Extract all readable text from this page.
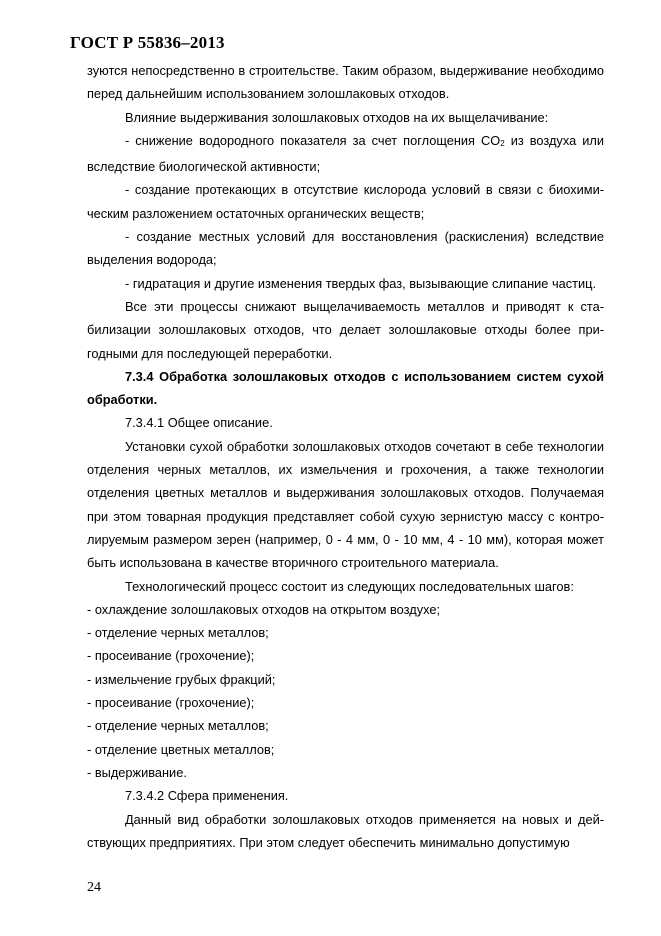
ГОСТ Р 55836–2013

зуются непосредственно в строительстве. Таким образом, выдерживание необходимо перед дальнейшим использованием золошлаковых отходов.

Влияние выдерживания золошлаковых отходов на их выщелачивание:

- снижение водородного показателя за счет поглощения $CO_2$ из воздуха или вследствие биологической активности;

- создание протекающих в отсутствие кислорода условий в связи с биохимическим разложением остаточных органических веществ;

- создание местных условий для восстановления (раскисления) вследствие выделения водорода;

- гидратация и другие изменения твердых фаз, вызывающие слипание частиц.

Все эти процессы снижают выщелачиваемость металлов и приводят к стабилизации золошлаковых отходов, что делает золошлаковые отходы более пригодными для последующей переработки.

7.3.4 Обработка золошлаковых отходов с использованием систем сухой обработки.

7.3.4.1 Общее описание.

Установки сухой обработки золошлаковых отходов сочетают в себе технологии отделения черных металлов, их измельчения и грохочения, а также технологии отделения цветных металлов и выдерживания золошлаковых отходов. Получаемая при этом товарная продукция представляет собой сухую зернистую массу с контролируемым размером зерен (например, 0 - 4 мм, 0 - 10 мм, 4 - 10 мм), которая может быть использована в качестве вторичного строительного материала.

Технологический процесс состоит из следующих последовательных шагов:

- охлаждение золошлаковых отходов на открытом воздухе;

- отделение черных металлов;

- просеивание (грохочение);

- измельчение грубых фракций;

- просеивание (грохочение);

- отделение черных металлов;

- отделение цветных металлов;

- выдерживание.

7.3.4.2 Сфера применения.

Данный вид обработки золошлаковых отходов применяется на новых и действующих предприятиях. При этом следует обеспечить минимально допустимую

24
